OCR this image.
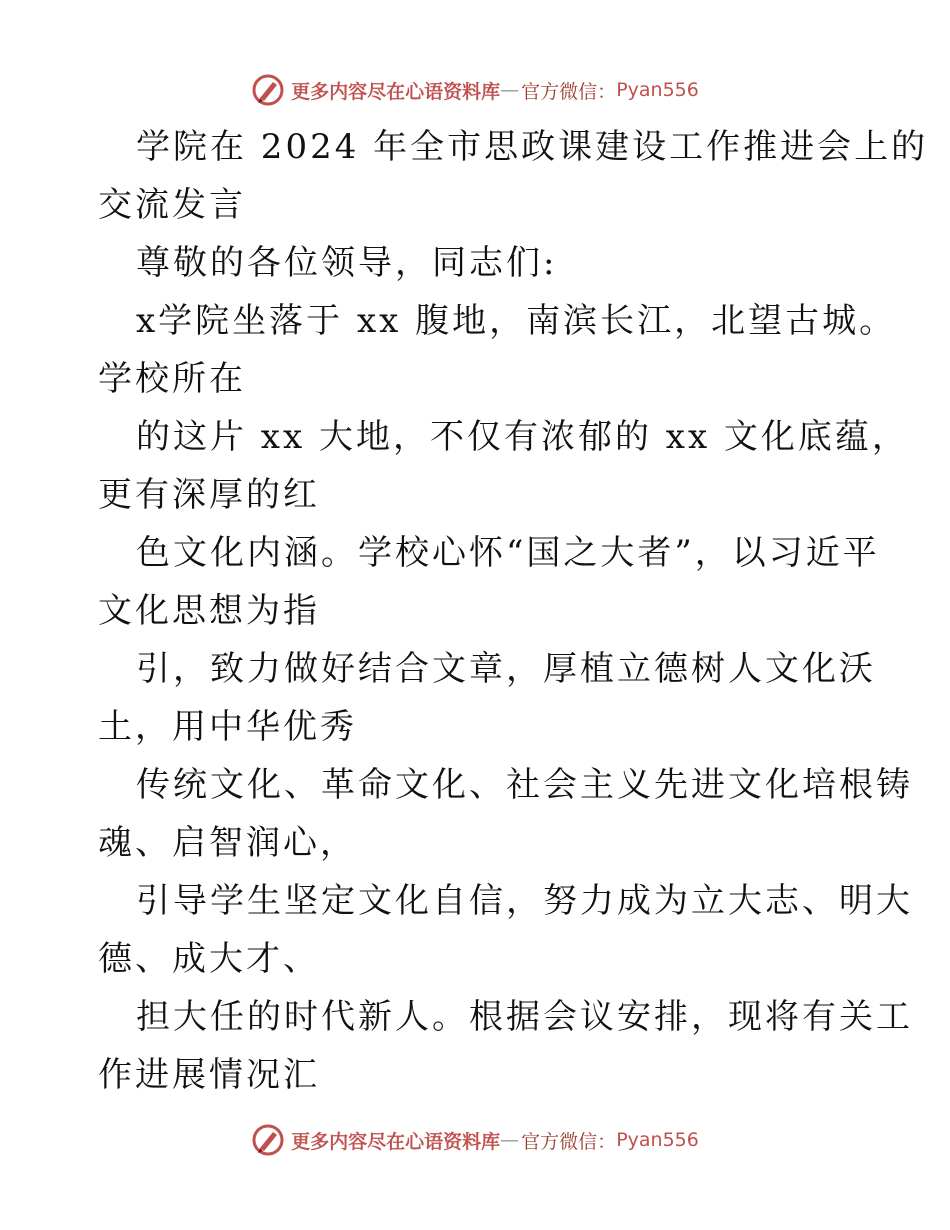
更多内容尽在心语资料库 — 官方微信 ： Pyan556
学院在 2024 年全市思政课建设工作推进会上的
交流发言
尊敬的各位领导，同志们:
x学院坐落于 xx 腹地，南滨长江，北望古城。
学校所在
的这片 xx 大地，不仅有浓郁的 xx 文化底蕴，
更有深厚的红
色文化内涵。学校心怀“国之大者”，以习近平
文化思想为指
引，致力做好结合文章，厚植立德树人文化沃
土，用中华优秀
传统文化、革命文化、社会主义先进文化培根铸
魂、启智润心，
引导学生坚定文化自信，努力成为立大志、明大
德、成大才、
担大任的时代新人。根据会议安排，现将有关工
作进展情况汇
更多内容尽在心语资料库 — 官方微信 ： Pyan556
